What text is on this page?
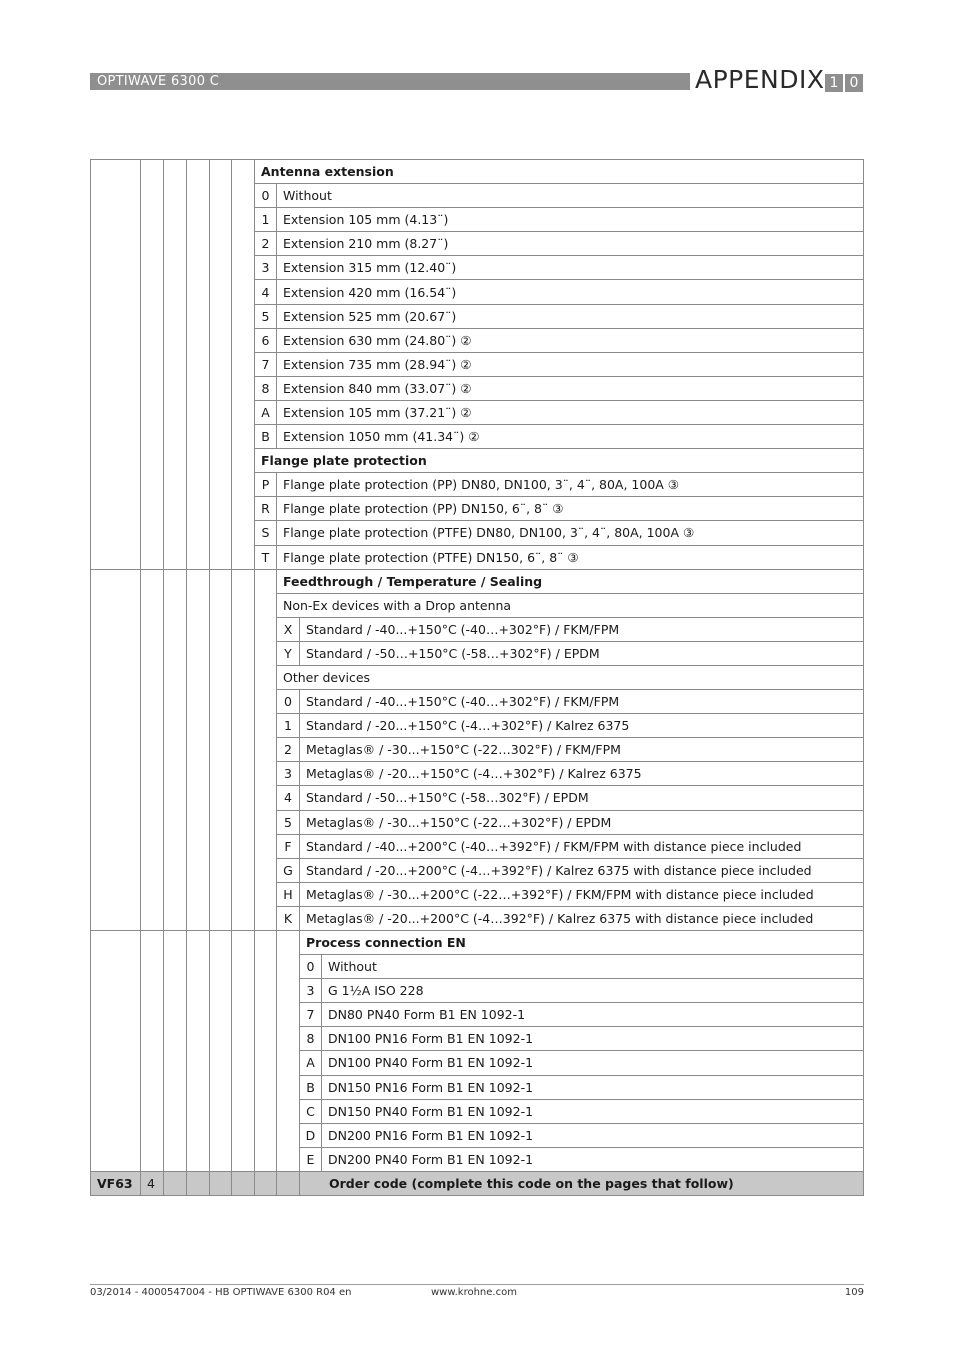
OPTIWAVE 6300 C	APPENDIX 1 0
						Antenna extension		
						0	Without	
						1	Extension 105 mm (4.13¨)	
						2	Extension 210 mm (8.27¨)	
						3	Extension 315 mm (12.40¨)	
						4	Extension 420 mm (16.54¨)	
						5	Extension 525 mm (20.67¨)	
						6	Extension 630 mm (24.80¨) ②	
						7	Extension 735 mm (28.94¨) ②	
						8	Extension 840 mm (33.07¨) ②	
						A	Extension 105 mm (37.21¨) ②	
						B	Extension 1050 mm (41.34¨) ②	
						Flange plate protection		
						P	Flange plate protection (PP) DN80, DN100, 3¨, 4¨, 80A, 100A ③	
						R	Flange plate protection (PP) DN150, 6¨, 8¨ ③	
						S	Flange plate protection (PTFE) DN80, DN100, 3¨, 4¨, 80A, 100A ③	
						T	Flange plate protection (PTFE) DN150, 6¨, 8¨ ③	
							Feedthrough / Temperature / Sealing	
							Non-Ex devices with a Drop antenna	
							X	Standard / -40...+150°C (-40…+302°F) / FKM/FPM
							Y	Standard / -50…+150°C (-58…+302°F) / EPDM
							Other devices	
							0	Standard / -40...+150°C (-40…+302°F) / FKM/FPM
							1	Standard / -20...+150°C (-4…+302°F) / Kalrez 6375
							2	Metaglas® / -30...+150°C (-22…302°F) / FKM/FPM
							3	Metaglas® / -20...+150°C (-4…+302°F) / Kalrez 6375
							4	Standard / -50...+150°C (-58…302°F) / EPDM
							5	Metaglas® / -30...+150°C (-22…+302°F) / EPDM
							F	Standard / -40...+200°C (-40…+392°F) / FKM/FPM with distance piece included
							G	Standard / -20...+200°C (-4…+392°F) / Kalrez 6375 with distance piece included
							H	Metaglas® / -30...+200°C (-22…+392°F) / FKM/FPM with distance piece included
							K	Metaglas® / -20...+200°C (-4…392°F) / Kalrez 6375 with distance piece included
								Process connection EN

								0 Without

								3 G 1½A ISO 228

								7 DN80 PN40 Form B1 EN 1092-1

								8 DN100 PN16 Form B1 EN 1092-1

								A DN100 PN40 Form B1 EN 1092-1

								B DN150 PN16 Form B1 EN 1092-1

								C DN150 PN40 Form B1 EN 1092-1

								D DN200 PN16 Form B1 EN 1092-1

								E DN200 PN40 Form B1 EN 1092-1

VF63	4							Order code (complete this code on the pages that follow)
03/2014 - 4000547004 - HB OPTIWAVE 6300 R04 en	www.krohne.com	109
